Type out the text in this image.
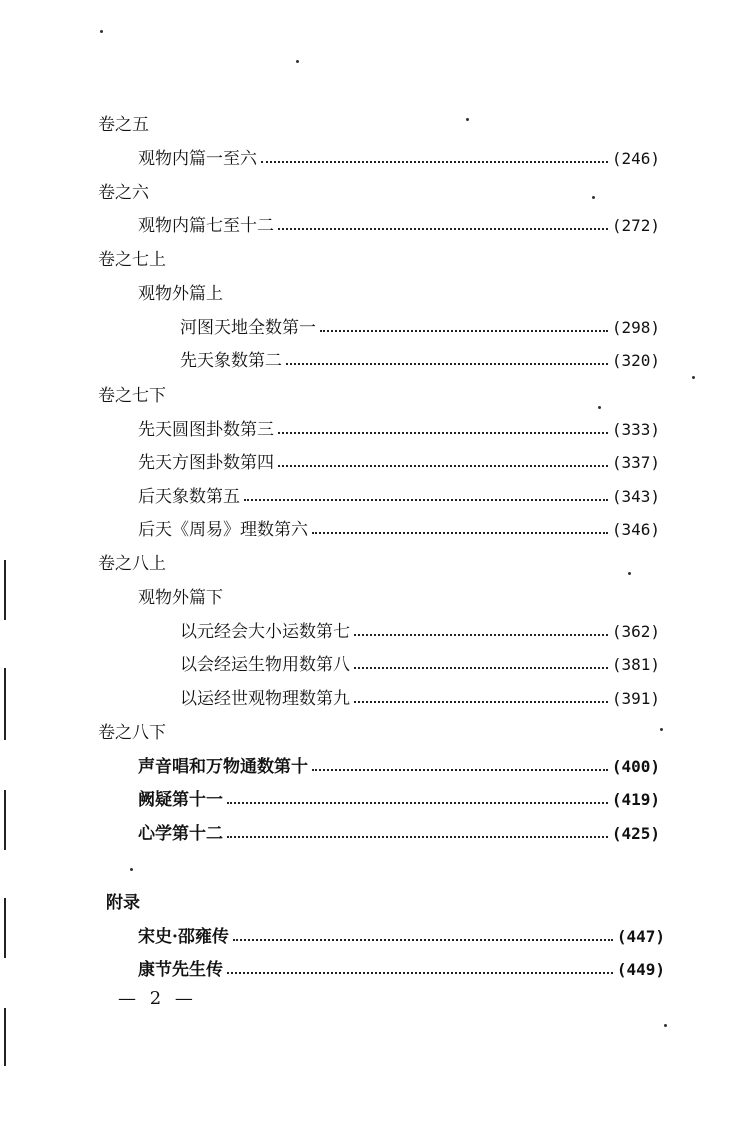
卷之五
观物内篇一至六	(246)
卷之六
观物内篇七至十二	(272)
卷之七上
观物外篇上
河图天地全数第一	(298)
先天象数第二	(320)
卷之七下
先天圆图卦数第三	(333)
先天方图卦数第四	(337)
后天象数第五	(343)
后天《周易》理数第六	(346)
卷之八上
观物外篇下
以元经会大小运数第七	(362)
以会经运生物用数第八	(381)
以运经世观物理数第九	(391)
卷之八下
声音唱和万物通数第十	(400)
阙疑第十一	(419)
心学第十二	(425)
附录
宋史·邵雍传	(447)
康节先生传	(449)
— 2 —
